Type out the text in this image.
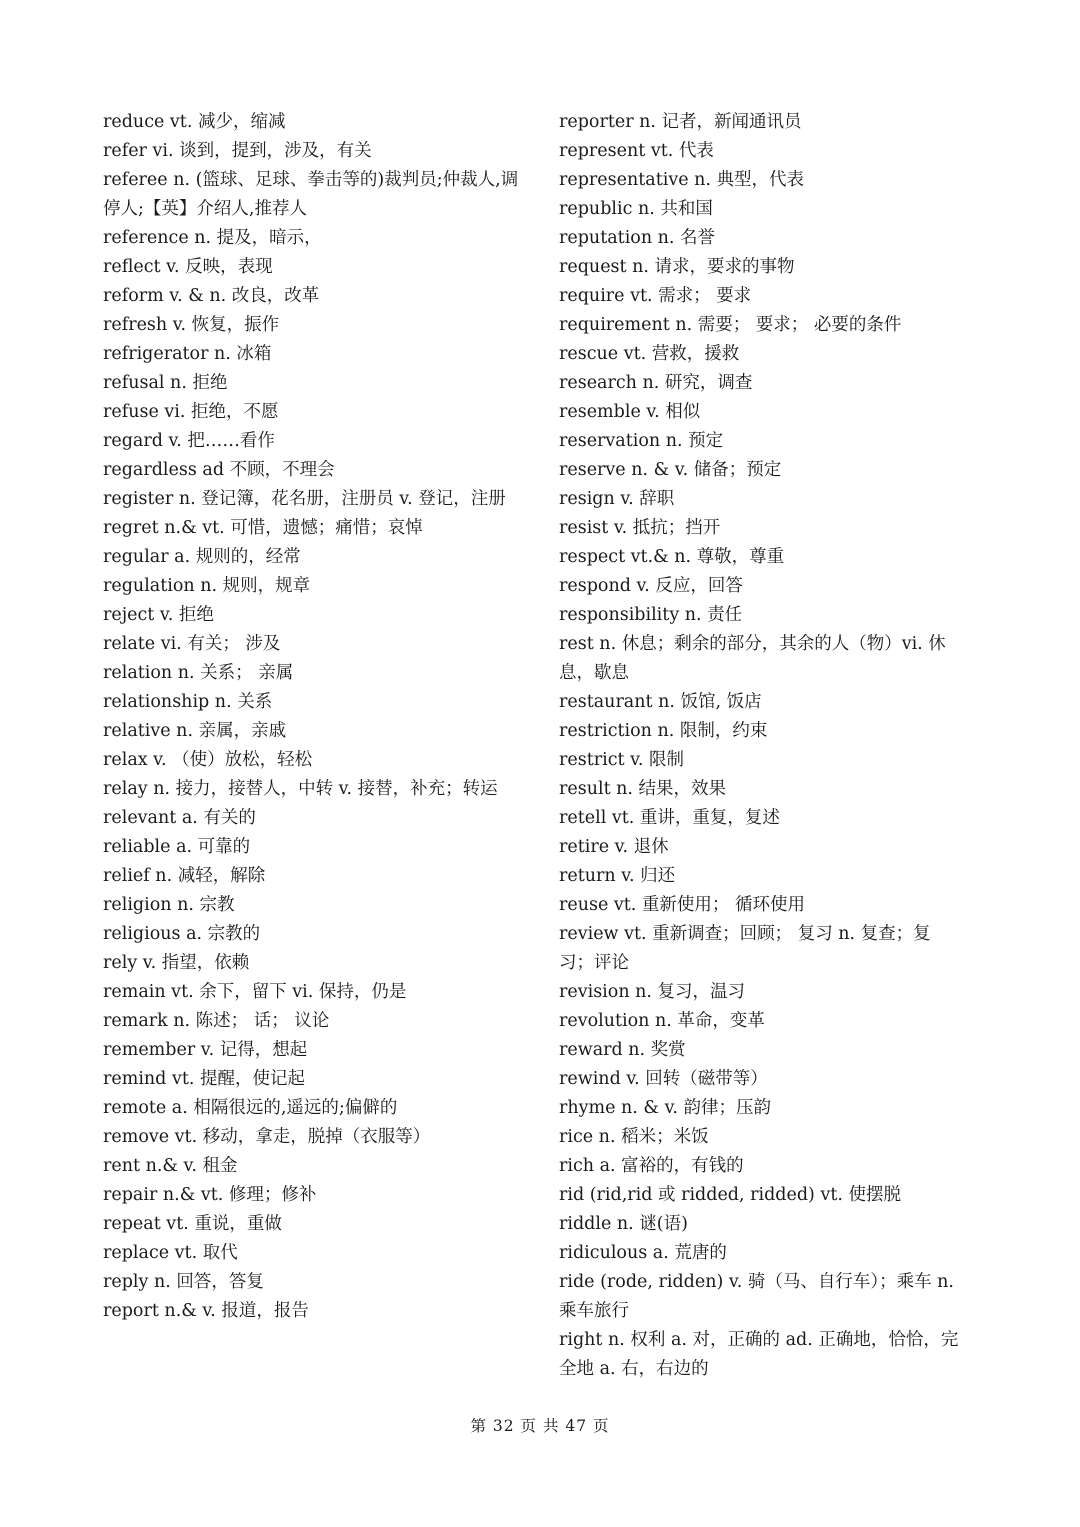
reduce vt. 减少，缩减

refer vi. 谈到，提到，涉及，有关

referee n. (篮球、足球、拳击等的)裁判员;仲裁人,调停人;【英】介绍人,推荐人

reference n. 提及，暗示，

reflect v. 反映，表现

reform v. & n. 改良，改革

refresh v. 恢复，振作

refrigerator n. 冰箱

refusal n. 拒绝

refuse vi. 拒绝，不愿

regard v. 把……看作

regardless ad 不顾，不理会

register n. 登记簿，花名册，注册员 v. 登记，注册

regret n.& vt. 可惜，遗憾；痛惜；哀悼

regular a. 规则的，经常

regulation n. 规则，规章

reject v. 拒绝

relate vi. 有关； 涉及

relation n. 关系； 亲属

relationship n. 关系

relative n. 亲属，亲戚

relax v. （使）放松，轻松

relay n. 接力，接替人，中转 v. 接替，补充；转运

relevant a. 有关的

reliable a. 可靠的

relief n. 减轻，解除

religion n. 宗教

religious a. 宗教的

rely v. 指望，依赖

remain vt. 余下，留下 vi. 保持，仍是

remark n. 陈述； 话； 议论

remember v. 记得，想起

remind vt. 提醒，使记起

remote a. 相隔很远的,遥远的;偏僻的

remove vt. 移动，拿走，脱掉（衣服等）

rent n.& v. 租金

repair n.& vt. 修理；修补

repeat vt. 重说，重做

replace vt. 取代

reply n. 回答，答复

report n.& v. 报道，报告

reporter n. 记者，新闻通讯员

represent vt. 代表

representative n. 典型，代表

republic n. 共和国

reputation n. 名誉

request n. 请求，要求的事物

require vt. 需求； 要求

requirement n. 需要； 要求； 必要的条件

rescue vt. 营救，援救

research n. 研究，调查

resemble v. 相似

reservation n. 预定

reserve n. & v. 储备；预定

resign v. 辞职

resist v. 抵抗；挡开

respect vt.& n. 尊敬，尊重

respond v. 反应，回答

responsibility n. 责任

rest n. 休息；剩余的部分，其余的人（物）vi. 休息，歇息

restaurant n. 饭馆, 饭店

restriction n. 限制，约束

restrict v. 限制

result n. 结果，效果

retell vt. 重讲，重复，复述

retire v. 退休

return v. 归还

reuse vt. 重新使用； 循环使用

review vt. 重新调查；回顾； 复习 n. 复查；复习；评论

revision n. 复习，温习

revolution n. 革命，变革

reward n. 奖赏

rewind v. 回转（磁带等）

rhyme n. & v. 韵律；压韵

rice n. 稻米；米饭

rich a. 富裕的，有钱的

rid (rid,rid 或 ridded, ridded) vt. 使摆脱

riddle n. 谜(语)

ridiculous a. 荒唐的

ride (rode, ridden) v. 骑（马、自行车）；乘车 n. 乘车旅行

right n. 权利 a. 对，正确的 ad. 正确地，恰恰，完全地 a. 右，右边的

第 32 页 共 47 页
